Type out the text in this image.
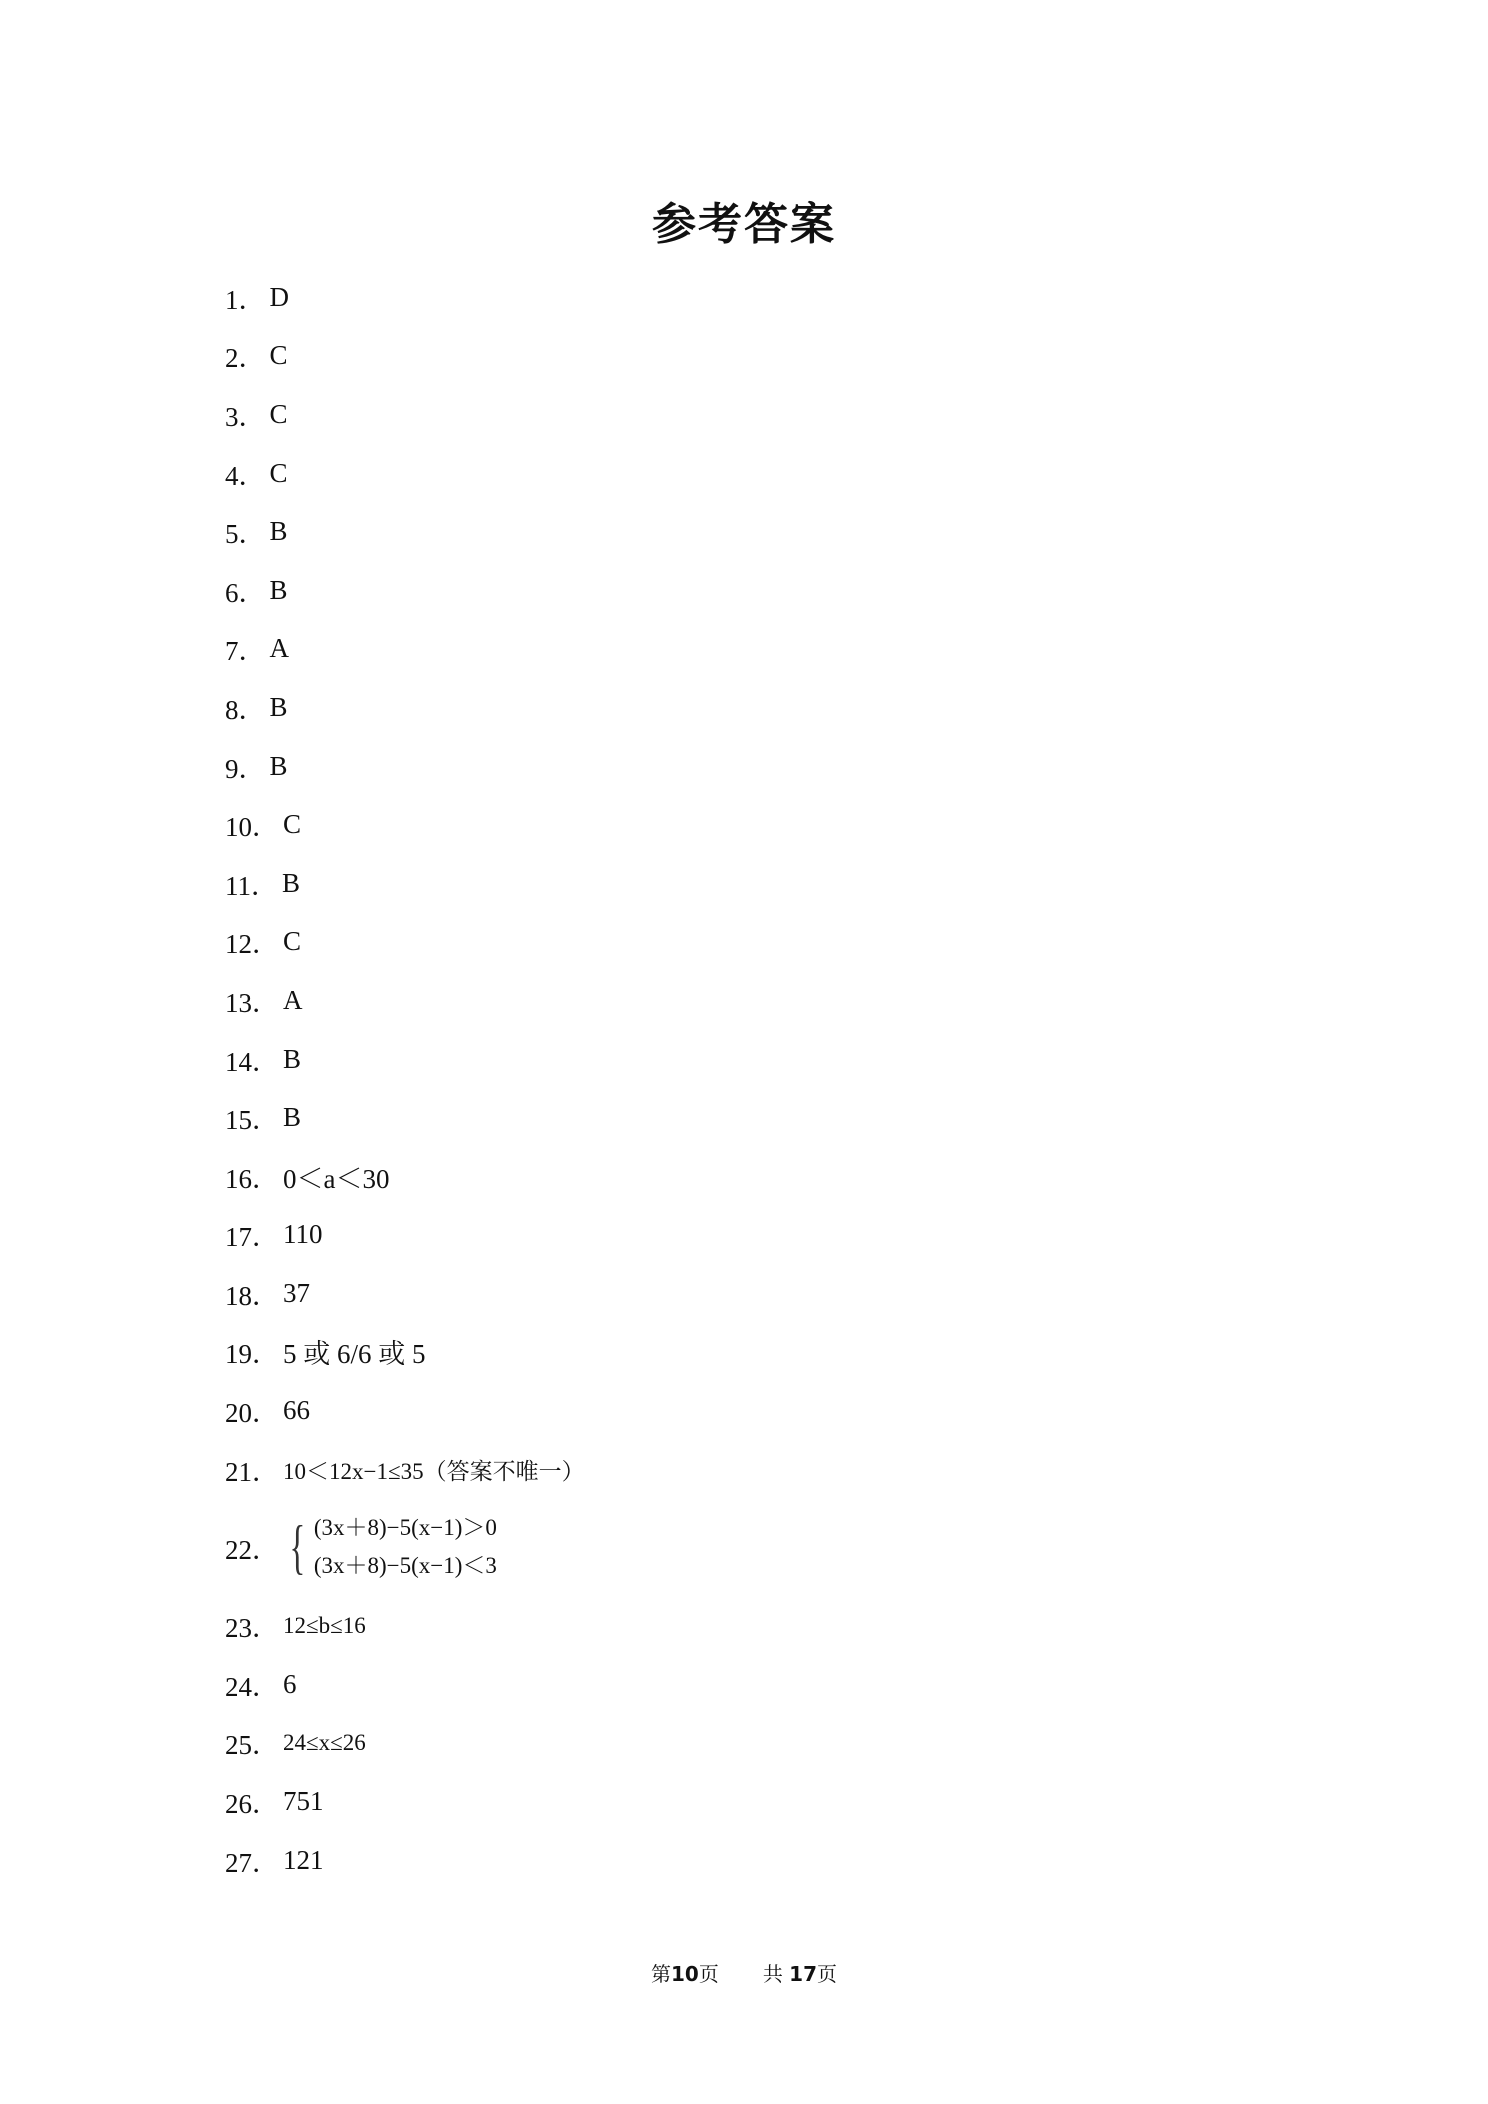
参考答案
1． D
2． C
3． C
4． C
5． B
6． B
7． A
8． B
9． B
10． C
11． B
12． C
13． A
14． B
15． B
16． 0＜a＜30
17． 110
18． 37
19． 5 或 6/6 或 5
20． 66
21． 10＜12x−1≤35（答案不唯一）
22． { (3x＋8)−5(x−1)＞0
(3x＋8)−5(x−1)＜3
23． 12≤b≤16
24． 6
25． 24≤x≤26
26． 751
27． 121
第10页 共 17页
